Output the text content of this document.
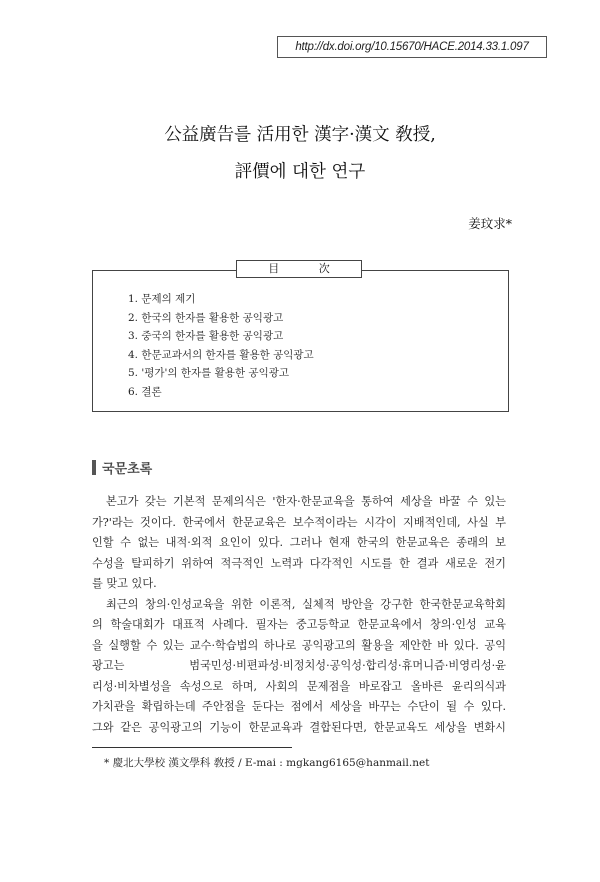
http://dx.doi.org/10.15670/HACE.2014.33.1.097
公益廣告를 活用한 漢字·漢文 敎授,
評價에 대한 연구
姜玟求*
目 次
1. 문제의 제기
2. 한국의 한자를 활용한 공익광고
3. 중국의 한자를 활용한 공익광고
4. 한문교과서의 한자를 활용한 공익광고
5. '평가'의 한자를 활용한 공익광고
6. 결론
국문초록
본고가 갖는 기본적 문제의식은 '한자·한문교육을 통하여 세상을 바꿀 수 있는
가?'라는 것이다. 한국에서 한문교육은 보수적이라는 시각이 지배적인데, 사실 부
인할 수 없는 내적·외적 요인이 있다. 그러나 현재 한국의 한문교육은 종래의 보
수성을 탈피하기 위하여 적극적인 노력과 다각적인 시도를 한 결과 새로운 전기
를 맞고 있다.
최근의 창의·인성교육을 위한 이론적, 실체적 방안을 강구한 한국한문교육학회
의 학술대회가 대표적 사례다. 필자는 중고등학교 한문교육에서 창의·인성 교육
을 실행할 수 있는 교수·학습법의 하나로 공익광고의 활용을 제안한 바 있다. 공익
광고는 범국민성·비편파성·비정치성·공익성·합리성·휴머니즘·비영리성·윤
리성·비차별성을 속성으로 하며, 사회의 문제점을 바로잡고 올바른 윤리의식과
가치관을 확립하는데 주안점을 둔다는 점에서 세상을 바꾸는 수단이 될 수 있다.
그와 같은 공익광고의 기능이 한문교육과 결합된다면, 한문교육도 세상을 변화시
* 慶北大學校 漢文學科 敎授 / E-mai : mgkang6165@hanmail.net
